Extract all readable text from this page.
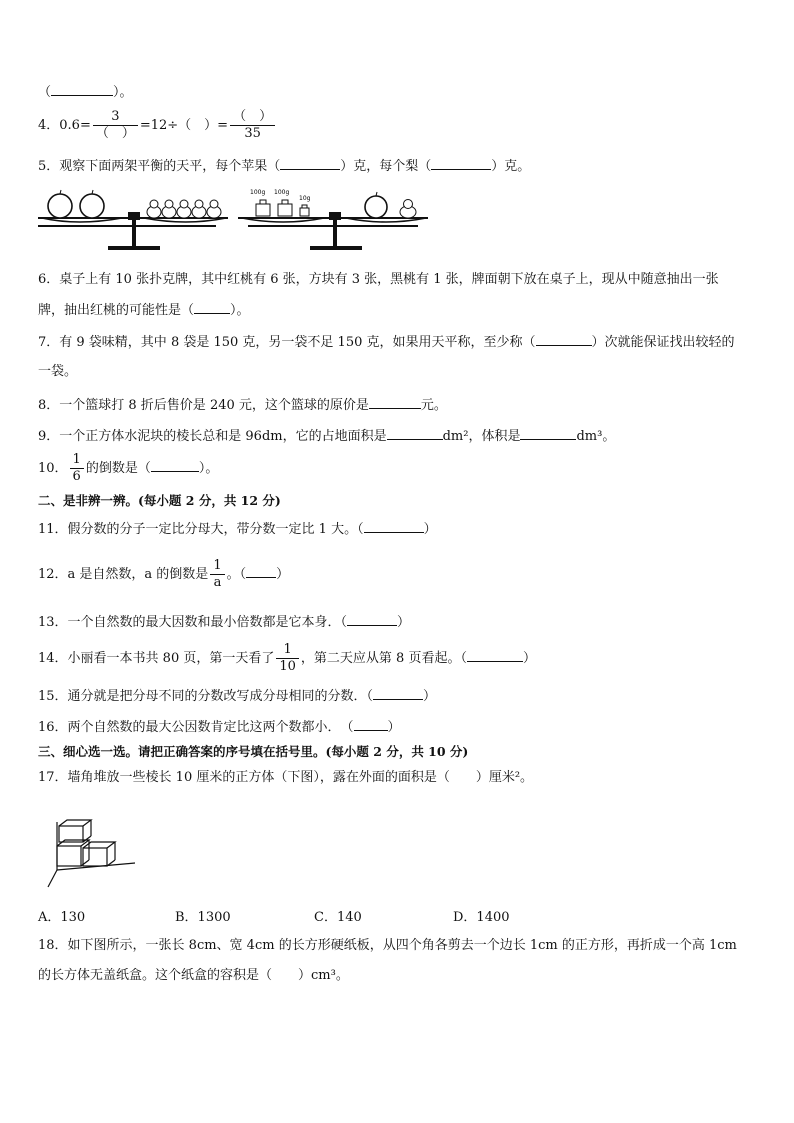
（	）。
4．$0.6= \frac{3}{( )} =12\div$（　）= $\frac{( )}{35}$
5．观察下面两架平衡的天平，每个苹果（	）克，每个梨（	）克。
100g 100g
10g
6．桌子上有 10 张扑克牌，其中红桃有 6 张，方块有 3 张，黑桃有 1 张，牌面朝下放在桌子上，现从中随意抽出一张
牌，抽出红桃的可能性是（	）。
7．有 9 袋味精，其中 8 袋是 150 克，另一袋不足 150 克，如果用天平称，至少称（	）次就能保证找出较轻的
一袋。
8．一个篮球打 8 折后售价是 240 元，这个篮球的原价是	元。
9．一个正方体水泥块的棱长总和是 96dm，它的占地面积是	dm²，体积是	dm³。
10． $\frac{1}{6}$ 的倒数是（	）。
二、是非辨一辨。(每小题 2 分，共 12 分)
11．假分数的分子一定比分母大，带分数一定比 1 大。（	）
12．a 是自然数，a 的倒数是 $\frac{1}{a}$ 。（ ）
13．一个自然数的最大因数和最小倍数都是它本身．（	）
14．小丽看一本书共 80 页，第一天看了 $\frac{1}{10}$ ，第二天应从第 8 页看起。（	）
15．通分就是把分母不同的分数改写成分母相同的分数．（	）
16．两个自然数的最大公因数肯定比这两个数都小．　（	）
三、细心选一选。请把正确答案的序号填在括号里。(每小题 2 分，共 10 分)
17．墙角堆放一些棱长 10 厘米的正方体（下图），露在外面的面积是（　　）厘米²。
A．130	B．1300	C．140	D．1400
18．如下图所示，一张长 8cm、宽 4cm 的长方形硬纸板，从四个角各剪去一个边长 1cm 的正方形，再折成一个高 1cm
的长方体无盖纸盒。这个纸盒的容积是（　　）cm³。
